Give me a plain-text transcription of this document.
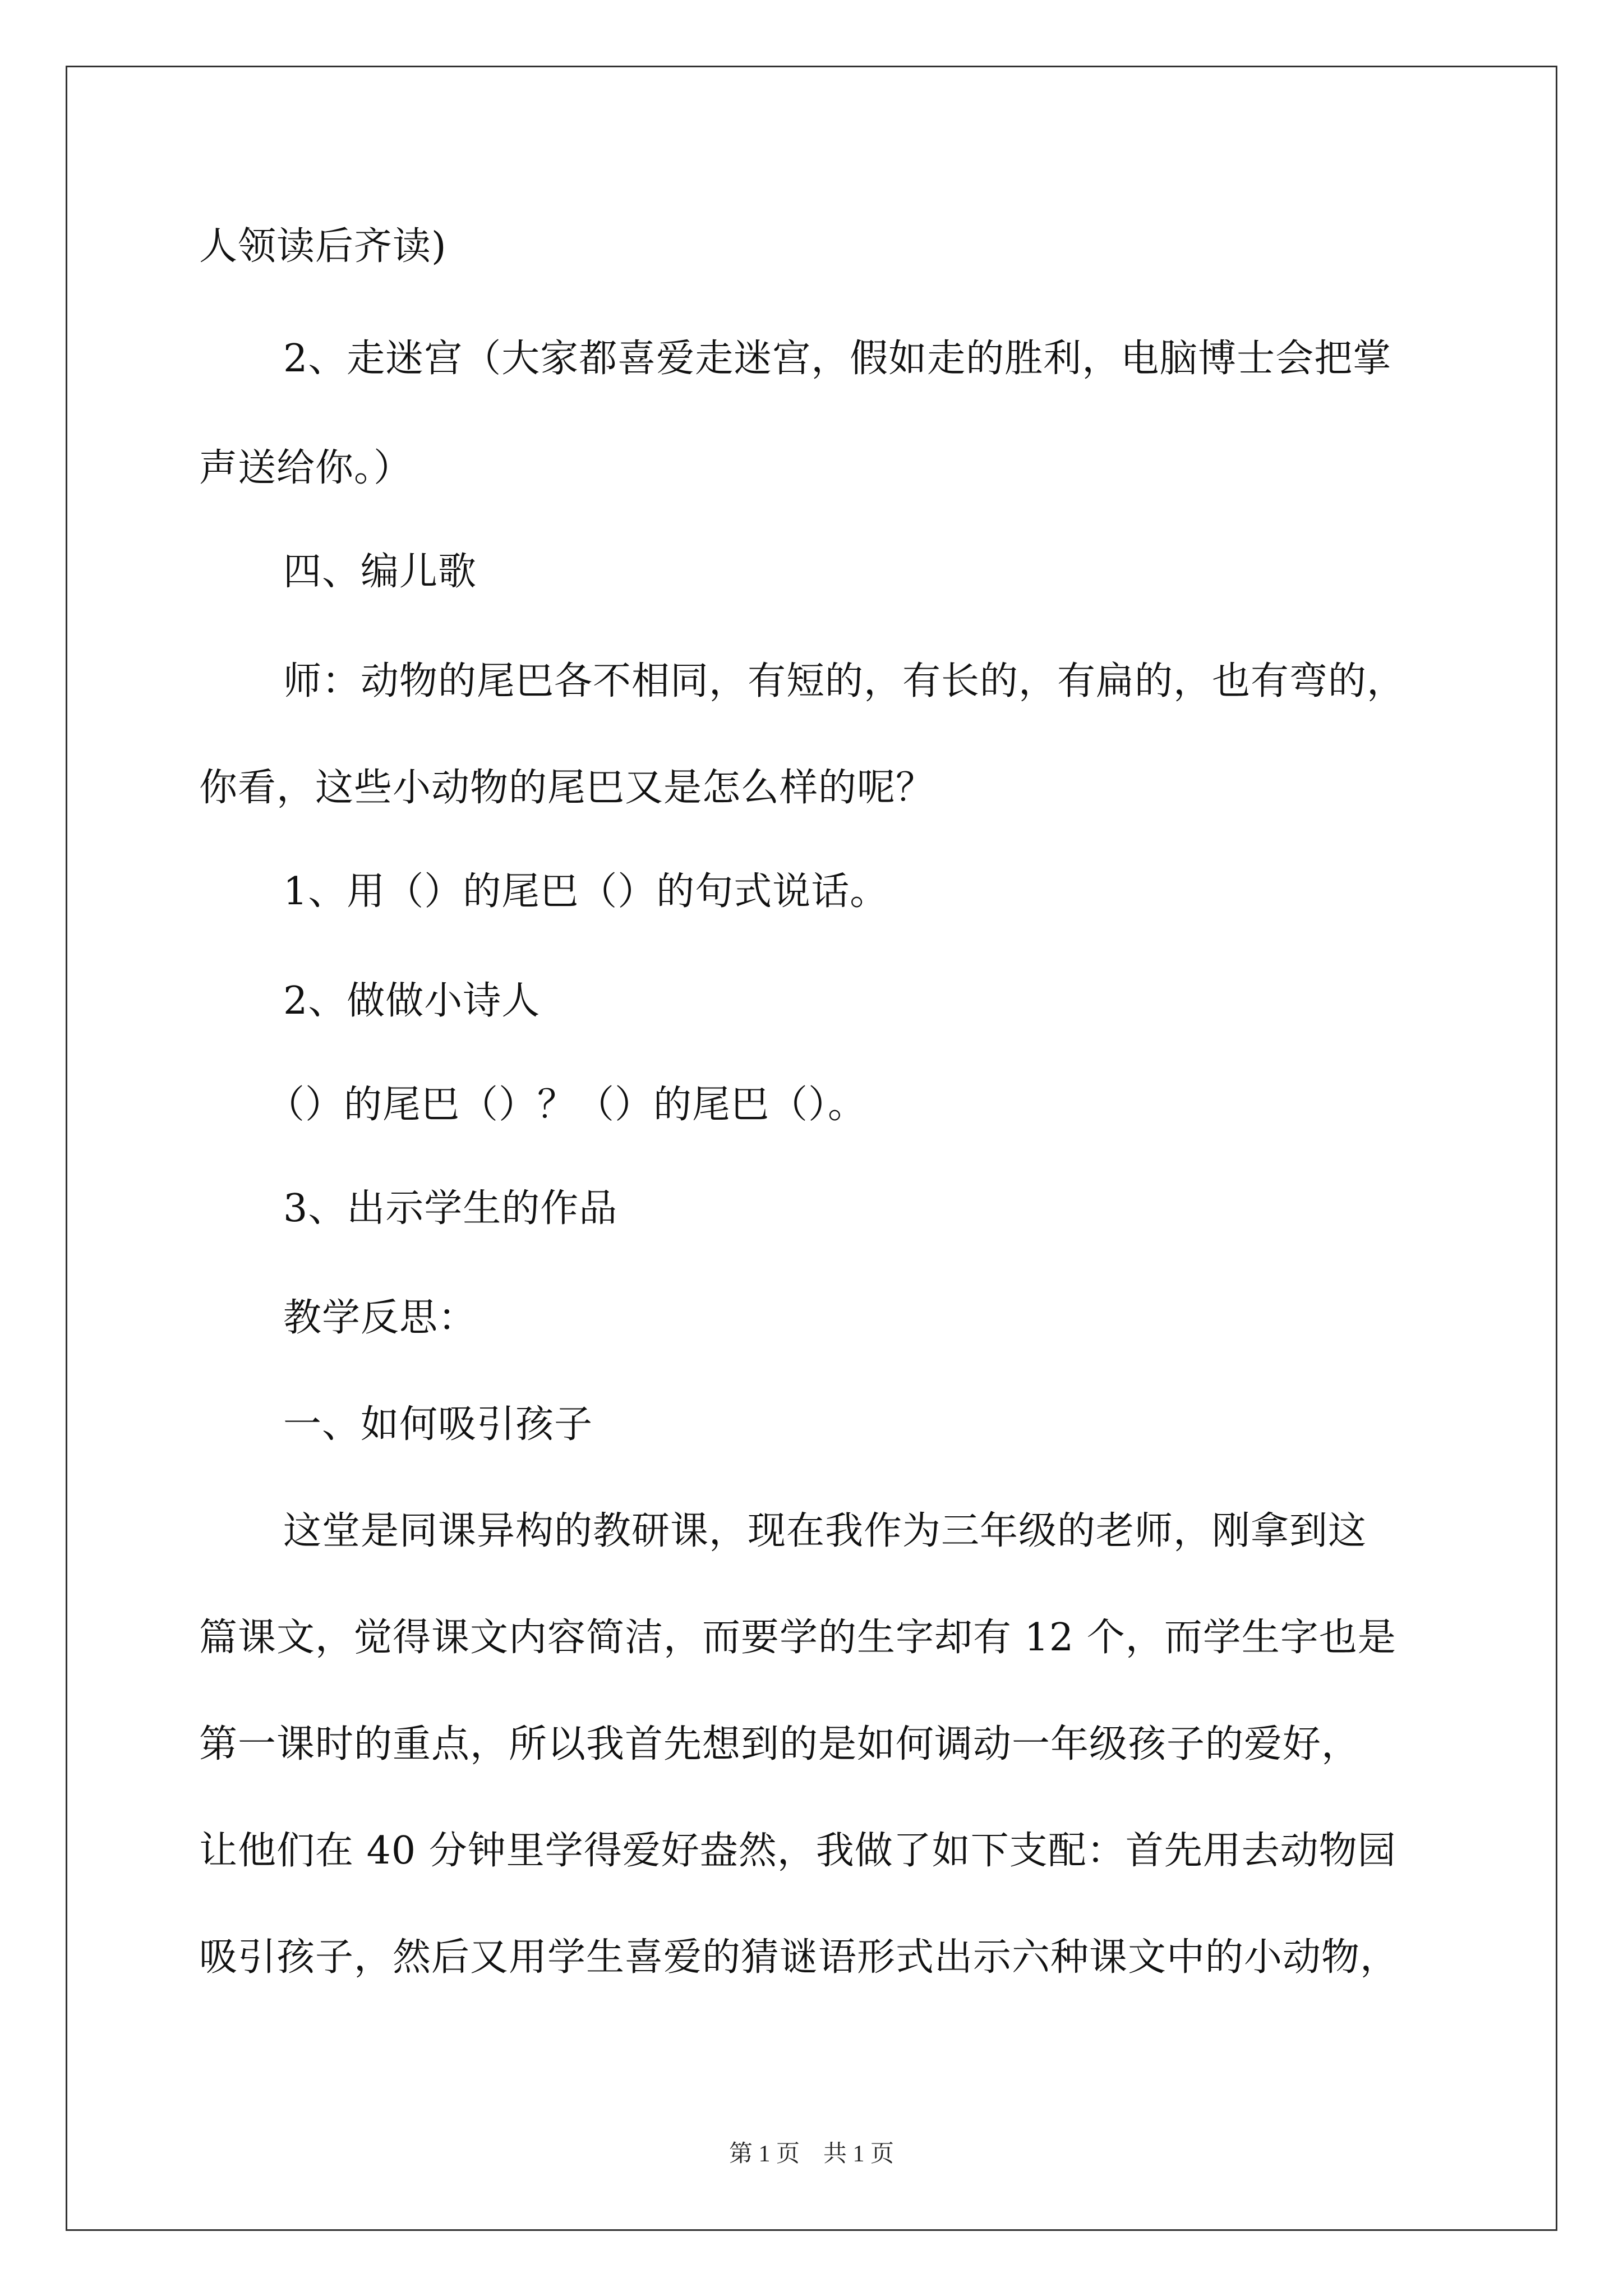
人领读后齐读)
2、走迷宫（大家都喜爱走迷宫，假如走的胜利，电脑博士会把掌
声送给你。）
四、编儿歌
师：动物的尾巴各不相同，有短的，有长的，有扁的，也有弯的，
你看，这些小动物的尾巴又是怎么样的呢？
1、用（）的尾巴（）的句式说话。
2、做做小诗人
（）的尾巴（）？（）的尾巴（）。
3、出示学生的作品
教学反思：
一、如何吸引孩子
这堂是同课异构的教研课，现在我作为三年级的老师，刚拿到这
篇课文，觉得课文内容简洁，而要学的生字却有 12 个，而学生字也是
第一课时的重点，所以我首先想到的是如何调动一年级孩子的爱好，
让他们在 40 分钟里学得爱好盎然，我做了如下支配：首先用去动物园
吸引孩子，然后又用学生喜爱的猜谜语形式出示六种课文中的小动物，
第 1 页　共 1 页
